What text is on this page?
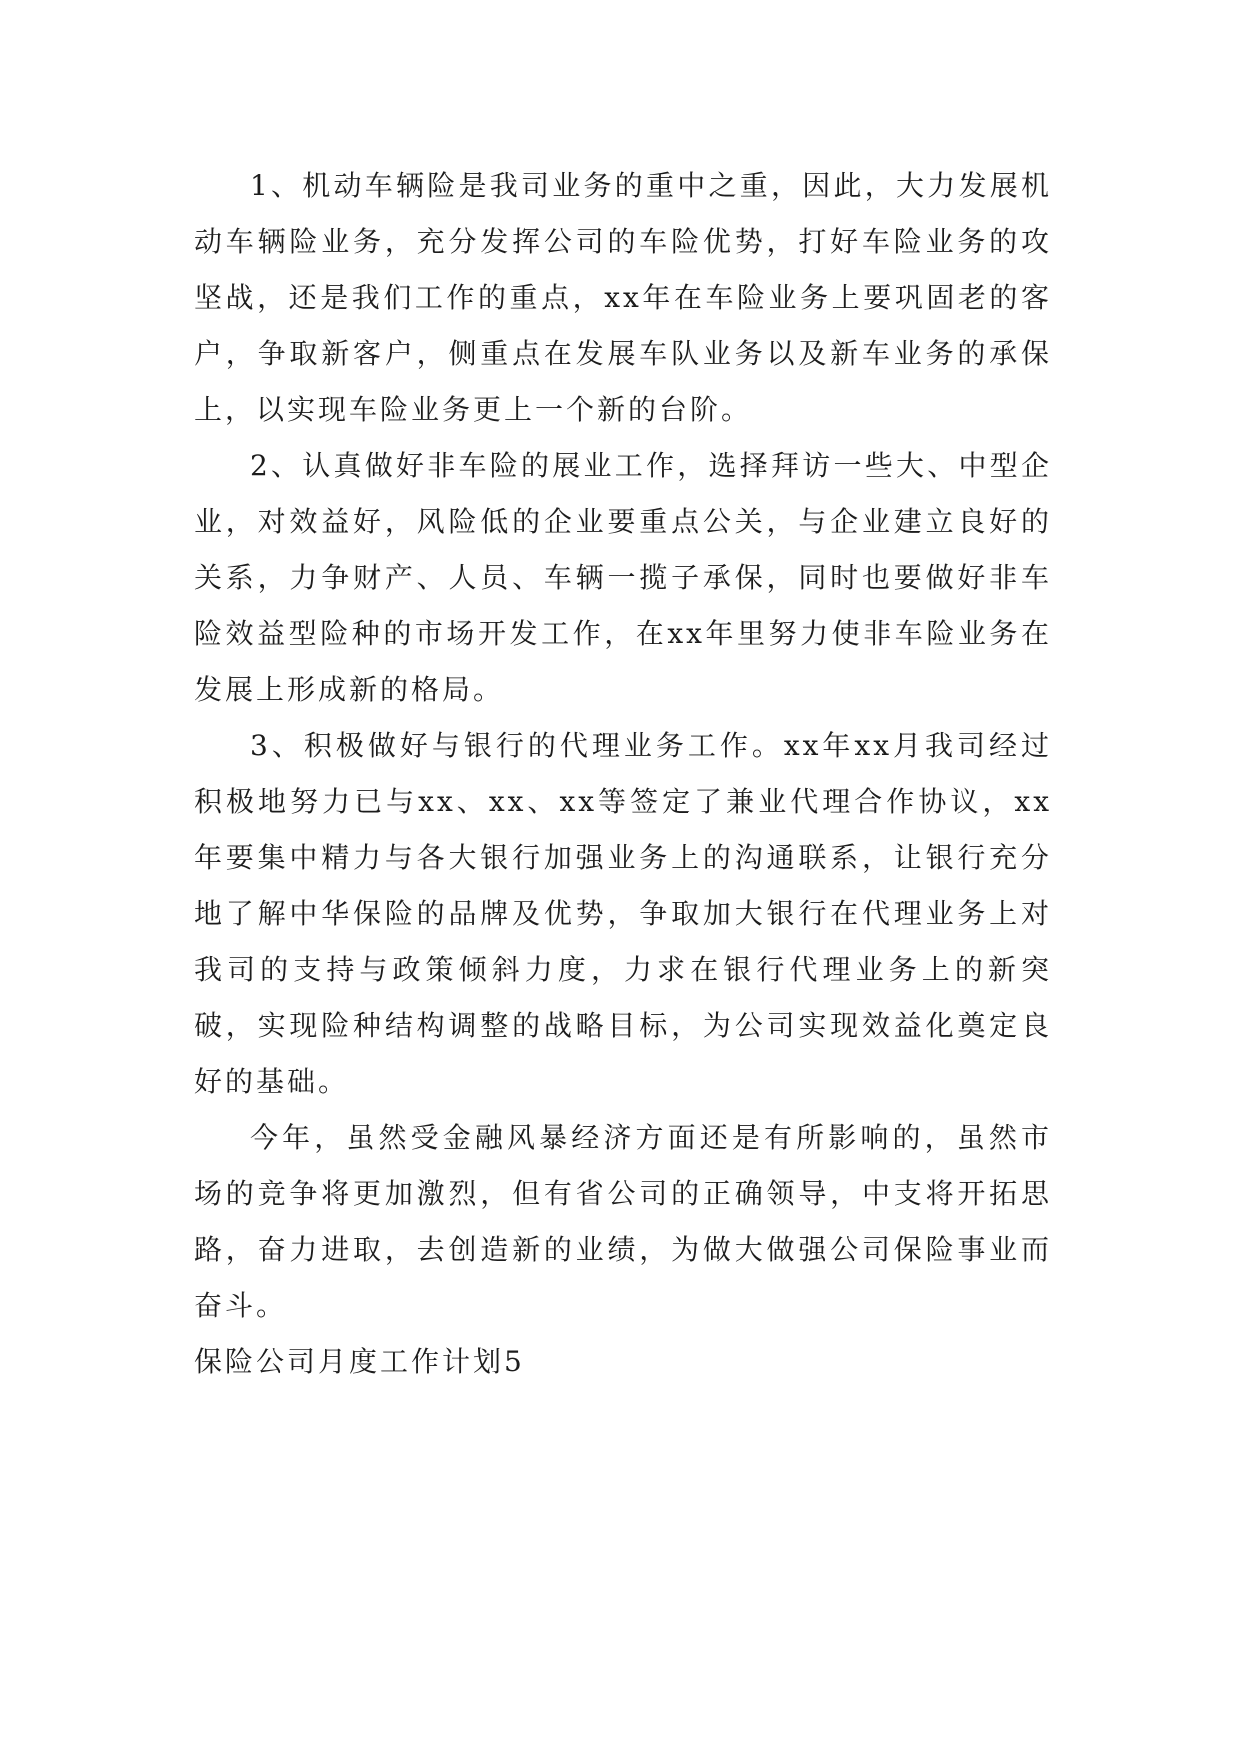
1、机动车辆险是我司业务的重中之重，因此，大力发展机动车辆险业务，充分发挥公司的车险优势，打好车险业务的攻坚战，还是我们工作的重点，xx年在车险业务上要巩固老的客户，争取新客户，侧重点在发展车队业务以及新车业务的承保上，以实现车险业务更上一个新的台阶。

2、认真做好非车险的展业工作，选择拜访一些大、中型企业，对效益好，风险低的企业要重点公关，与企业建立良好的关系，力争财产、人员、车辆一揽子承保，同时也要做好非车险效益型险种的市场开发工作，在xx年里努力使非车险业务在发展上形成新的格局。

3、积极做好与银行的代理业务工作。xx年xx月我司经过积极地努力已与xx、xx、xx等签定了兼业代理合作协议，xx年要集中精力与各大银行加强业务上的沟通联系，让银行充分地了解中华保险的品牌及优势，争取加大银行在代理业务上对我司的支持与政策倾斜力度，力求在银行代理业务上的新突破，实现险种结构调整的战略目标，为公司实现效益化奠定良好的基础。

今年，虽然受金融风暴经济方面还是有所影响的，虽然市场的竞争将更加激烈，但有省公司的正确领导，中支将开拓思路，奋力进取，去创造新的业绩，为做大做强公司保险事业而奋斗。

保险公司月度工作计划5
